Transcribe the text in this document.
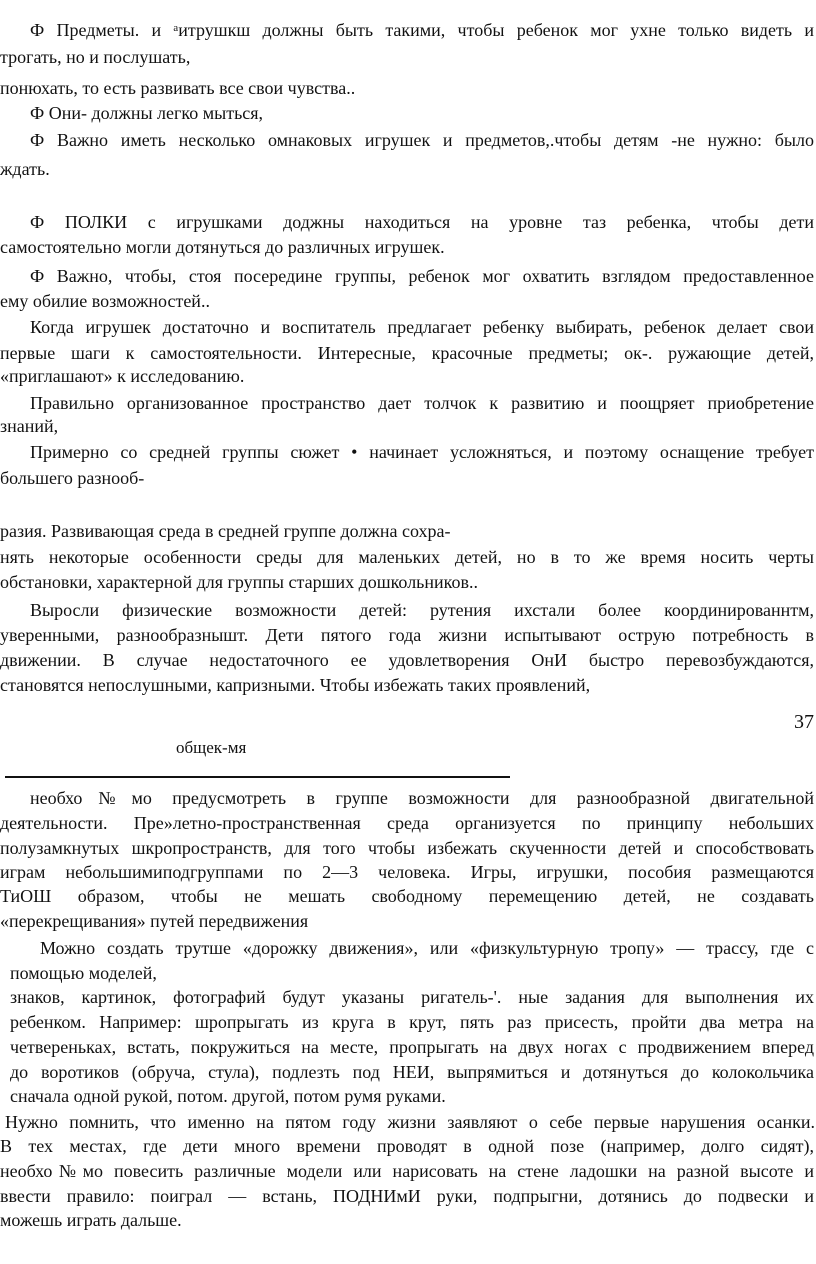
Ф Предметы. и ᵃитрушкш должны быть такими, чтобы ребенок мог ухне только видеть и
трогать, но и послушать,
понюхать, то есть развивать все свои чувства..
Ф Они- должны легко мыться,
Ф Важно иметь несколько омнаковых игрушек и предметов,.чтобы детям -не нужно: было
ждать.
Ф ПОЛКИ с игрушками доджны находиться на уровне таз ребенка, чтобы дети
самостоятельно могли дотянуться до различных игрушек.
Ф Важно, чтобы, стоя посередине группы, ребенок мог охватить взглядом предоставленное
ему обилие возможностей..
Когда игрушек достаточно и воспитатель предлагает ребенку выбирать, ребенок делает свои
первые шаги к самостоятельности. Интересные, красочные предметы; ок-. ружающие детей,
«приглашают» к исследованию.
Правильно организованное пространство дает толчок к развитию и поощряет приобретение
знаний,
Примерно со средней группы сюжет • начинает усложняться, и поэтому оснащение требует
большего разнооб-
разия. Развивающая среда в средней группе должна сохра-
нять некоторые особенности среды для маленьких детей, но в то же время носить черты
обстановки, характерной для группы старших дошкольников..
Выросли физические возможности детей: рутения ихстали более координированнтм,
уверенными, разнообразнышт. Дети пятого года жизни испытывают острую потребность в
движении. В случае недостаточного ее удовлетворения ОнИ быстро перевозбуждаются,
становятся непослушными, капризными. Чтобы избежать таких проявлений,
37
общек-мя
необхо№мо предусмотреть в группе возможности для разнообразной двигательной
деятельности. Пре»летно-пространственная среда организуется по принципу небольших
полузамкнутых шкропространств, для того чтобы избежать скученности детей и способствовать
играм небольшимиподгруппами по 2—3 человека. Игры, игрушки, пособия размещаются
ТиОШ образом, чтобы не мешать свободному перемещению детей, не создавать
«перекрещивания» путей передвижения
Можно создать трутше «дорожку движения», или «физкультурную тропу» — трассу, где с
помощью моделей,
знаков, картинок, фотографий будут указаны ригатель-'. ные задания для выполнения их
ребенком. Например: шропрыгать из круга в крут, пять раз присесть, пройти два метра на
четвереньках, встать, покружиться на месте, пропрыгать на двух ногах с продвижением вперед
до воротиков (обруча, стула), подлезть под НЕИ, выпрямиться и дотянуться до колокольчика
сначала одной рукой, потом. другой, потом румя руками.
Нужно помнить, что именно на пятом году жизни заявляют о себе первые нарушения осанки.
В тех местах, где дети много времени проводят в одной позе (например, долго сидят),
необхо№мо повесить различные модели или нарисовать на стене ладошки на разной высоте и
ввести правило: поиграл — встань, ПОДНИмИ руки, подпрыгни, дотянись до подвески и
можешь играть дальше.
